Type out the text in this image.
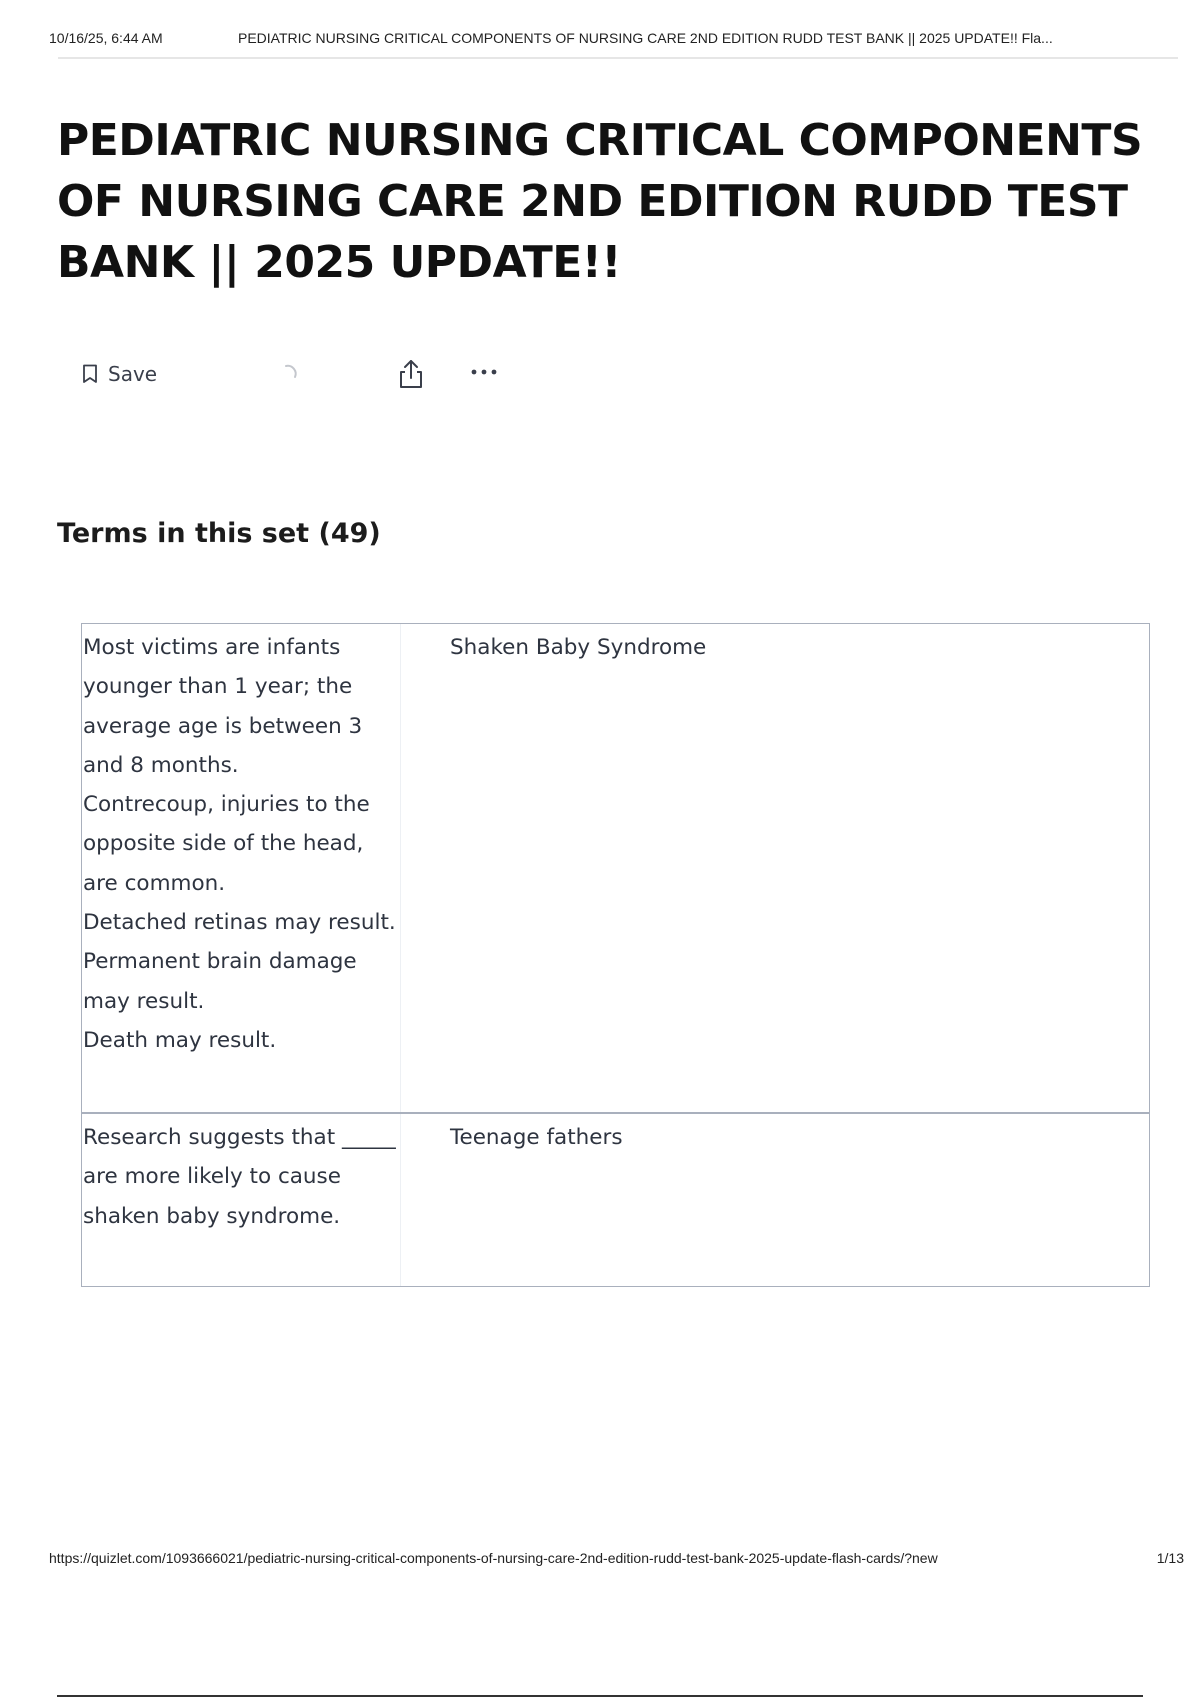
10/16/25, 6:44 AM	PEDIATRIC NURSING CRITICAL COMPONENTS OF NURSING CARE 2ND EDITION RUDD TEST BANK || 2025 UPDATE!! Fla...
PEDIATRIC NURSING CRITICAL COMPONENTS OF NURSING CARE 2ND EDITION RUDD TEST BANK || 2025 UPDATE!!
Save
Terms in this set (49)
Most victims are infants younger than 1 year; the average age is between 3 and 8 months.
Contrecoup, injuries to the opposite side of the head, are common.
Detached retinas may result.
Permanent brain damage may result.
Death may result.
Shaken Baby Syndrome
Research suggests that _____ are more likely to cause shaken baby syndrome.
Teenage fathers
https://quizlet.com/1093666021/pediatric-nursing-critical-components-of-nursing-care-2nd-edition-rudd-test-bank-2025-update-flash-cards/?new	1/13
